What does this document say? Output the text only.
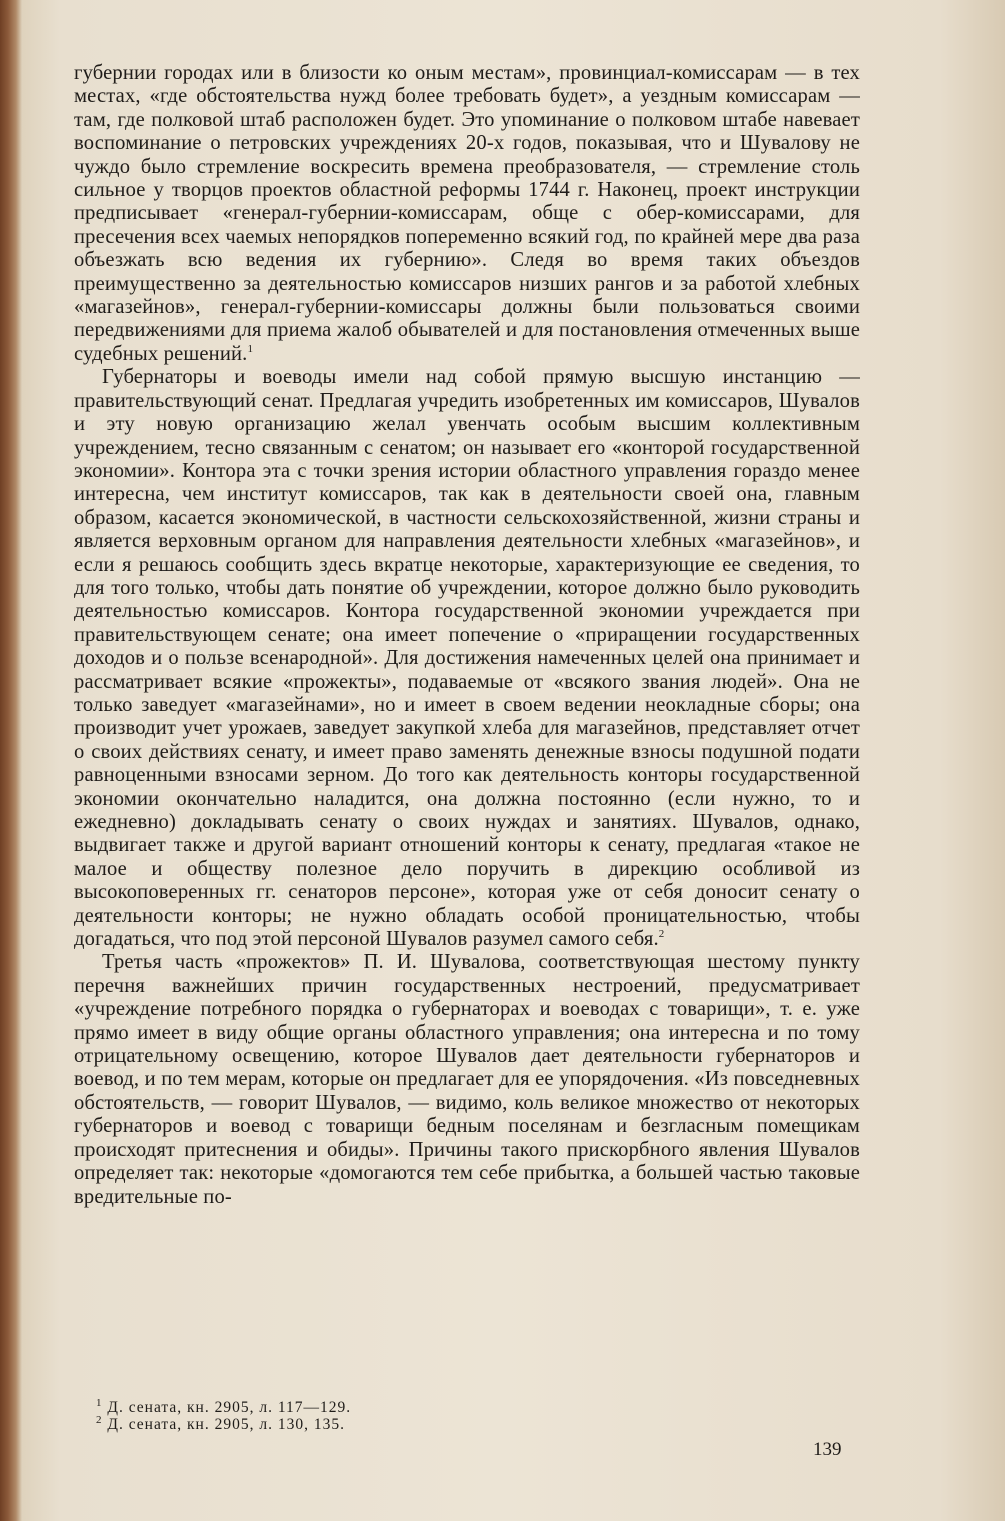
губернии городах или в близости ко оным местам», провинциал-комиссарам — в тех местах, «где обстоятельства нужд более требовать будет», а уездным комиссарам — там, где полковой штаб расположен будет. Это упоминание о полковом штабе навевает воспоминание о петровских учреждениях 20-х годов, показывая, что и Шувалову не чуждо было стремление воскресить времена преобразователя, — стремление столь сильное у творцов проектов областной реформы 1744 г. Наконец, проект инструкции предписывает «генерал-губернии-комиссарам, обще с обер-комиссарами, для пресечения всех чаемых непорядков попеременно всякий год, по крайней мере два раза объезжать всю ведения их губернию». Следя во время таких объездов преимущественно за деятельностью комиссаров низших рангов и за работой хлебных «магазейнов», генерал-губернии-комиссары должны были пользоваться своими передвижениями для приема жалоб обывателей и для постановления отмеченных выше судебных решений.$^1$

Губернаторы и воеводы имели над собой прямую высшую инстанцию — правительствующий сенат. Предлагая учредить изобретенных им комиссаров, Шувалов и эту новую организацию желал увенчать особым высшим коллективным учреждением, тесно связанным с сенатом; он называет его «конторой государственной экономии». Контора эта с точки зрения истории областного управления гораздо менее интересна, чем институт комиссаров, так как в деятельности своей она, главным образом, касается экономической, в частности сельскохозяйственной, жизни страны и является верховным органом для направления деятельности хлебных «магазейнов», и если я решаюсь сообщить здесь вкратце некоторые, характеризующие ее сведения, то для того только, чтобы дать понятие об учреждении, которое должно было руководить деятельностью комиссаров. Контора государственной экономии учреждается при правительствующем сенате; она имеет попечение о «приращении государственных доходов и о пользе всенародной». Для достижения намеченных целей она принимает и рассматривает всякие «прожекты», подаваемые от «всякого звания людей». Она не только заведует «магазейнами», но и имеет в своем ведении неокладные сборы; она производит учет урожаев, заведует закупкой хлеба для магазейнов, представляет отчет о своих действиях сенату, и имеет право заменять денежные взносы подушной подати равноценными взносами зерном. До того как деятельность конторы государственной экономии окончательно наладится, она должна постоянно (если нужно, то и ежедневно) докладывать сенату о своих нуждах и занятиях. Шувалов, однако, выдвигает также и другой вариант отношений конторы к сенату, предлагая «такое не малое и обществу полезное дело поручить в дирекцию особливой из высокоповеренных гг. сенаторов персоне», которая уже от себя доносит сенату о деятельности конторы; не нужно обладать особой проницательностью, чтобы догадаться, что под этой персоной Шувалов разумел самого себя.$^2$

Третья часть «прожектов» П. И. Шувалова, соответствующая шестому пункту перечня важнейших причин государственных нестроений, предусматривает «учреждение потребного порядка о губернаторах и воеводах с товарищи», т. е. уже прямо имеет в виду общие органы областного управления; она интересна и по тому отрицательному освещению, которое Шувалов дает деятельности губернаторов и воевод, и по тем мерам, которые он предлагает для ее упорядочения. «Из повседневных обстоятельств, — говорит Шувалов, — видимо, коль великое множество от некоторых губернаторов и воевод с товарищи бедным поселянам и безгласным помещикам происходят притеснения и обиды». Причины такого прискорбного явления Шувалов определяет так: некоторые «домогаются тем себе прибытка, а большей частью таковые вредительные по-

$^1$ Д. сената, кн. 2905, л. 117—129.

$^2$ Д. сената, кн. 2905, л. 130, 135.

139
